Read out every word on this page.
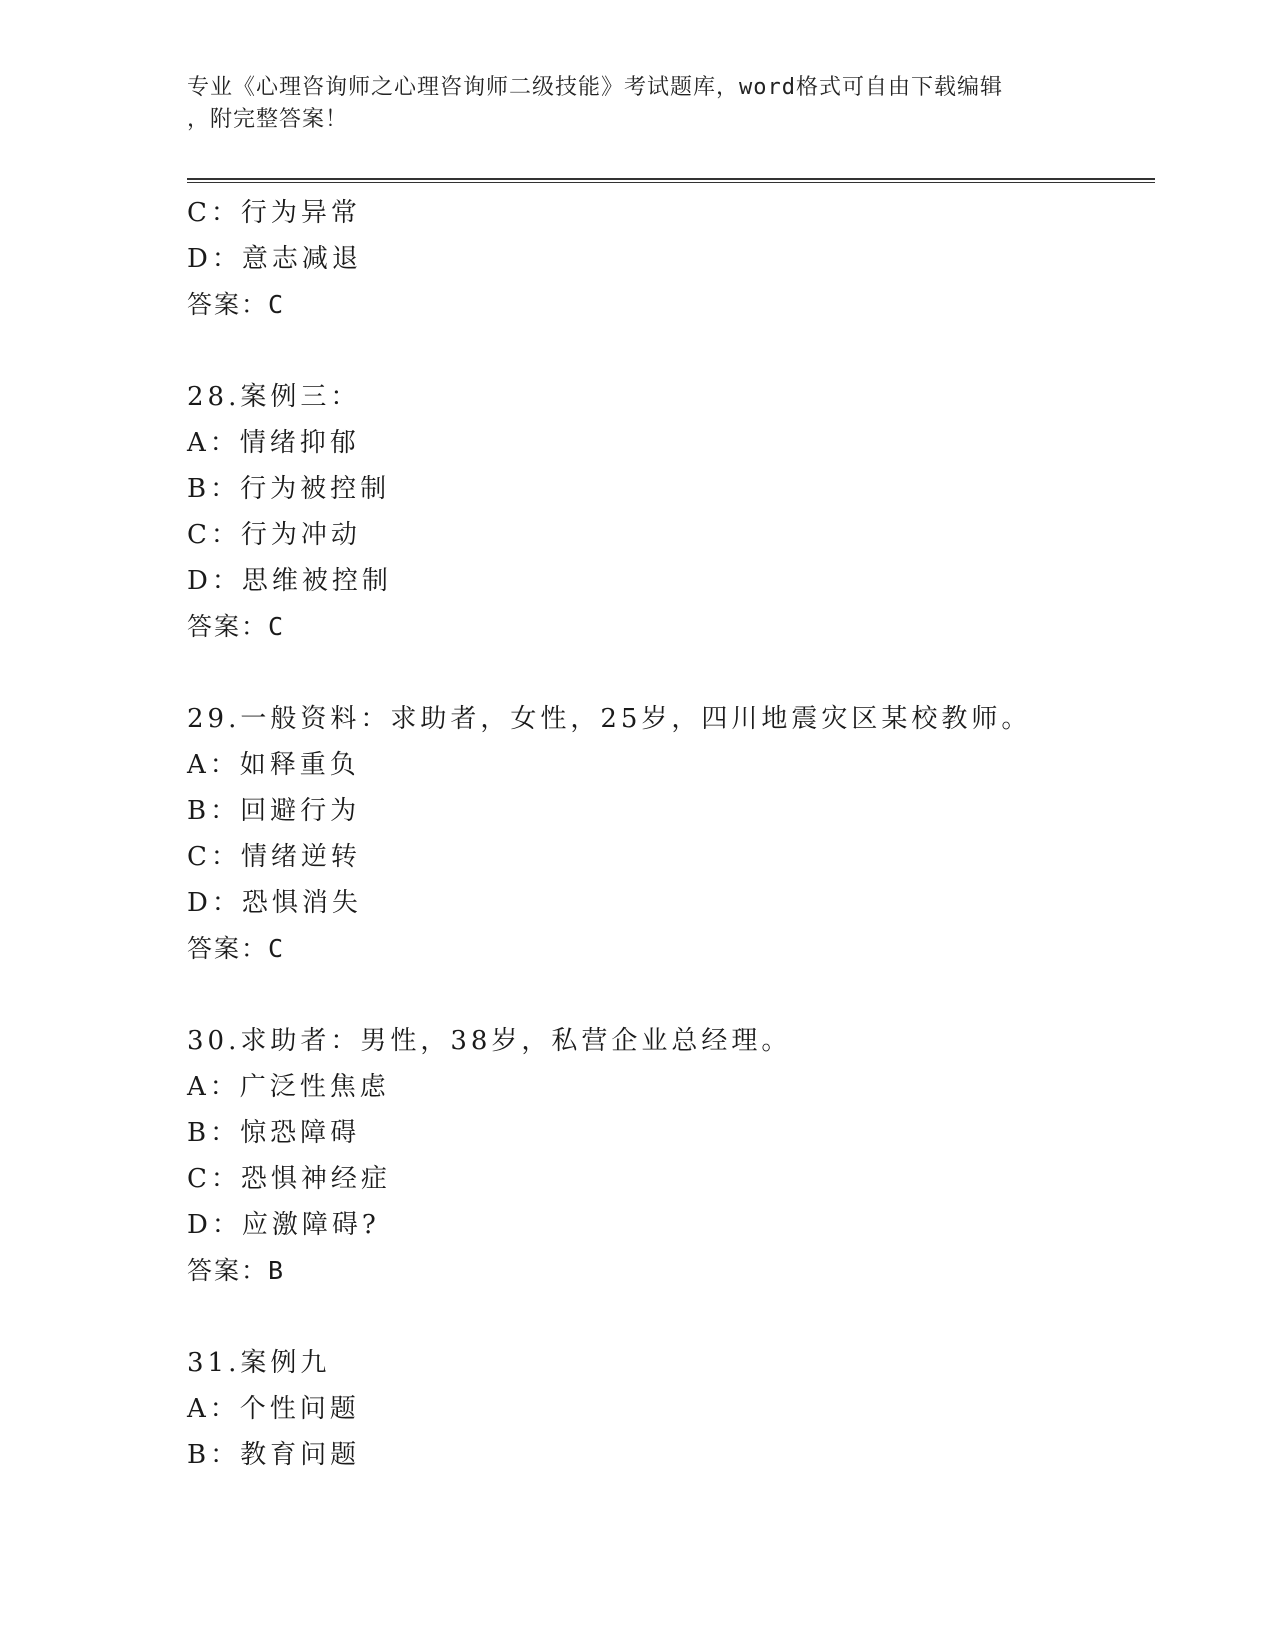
专业《心理咨询师之心理咨询师二级技能》考试题库，word格式可自由下载编辑
，附完整答案！
C：行为异常
D：意志减退
答案：C
28.案例三：
A：情绪抑郁
B：行为被控制
C：行为冲动
D：思维被控制
答案：C
29.一般资料：求助者，女性，25岁，四川地震灾区某校教师。
A：如释重负
B：回避行为
C：情绪逆转
D：恐惧消失
答案：C
30.求助者：男性，38岁，私营企业总经理。
A：广泛性焦虑
B：惊恐障碍
C：恐惧神经症
D：应激障碍?
答案：B
31.案例九
A：个性问题
B：教育问题
